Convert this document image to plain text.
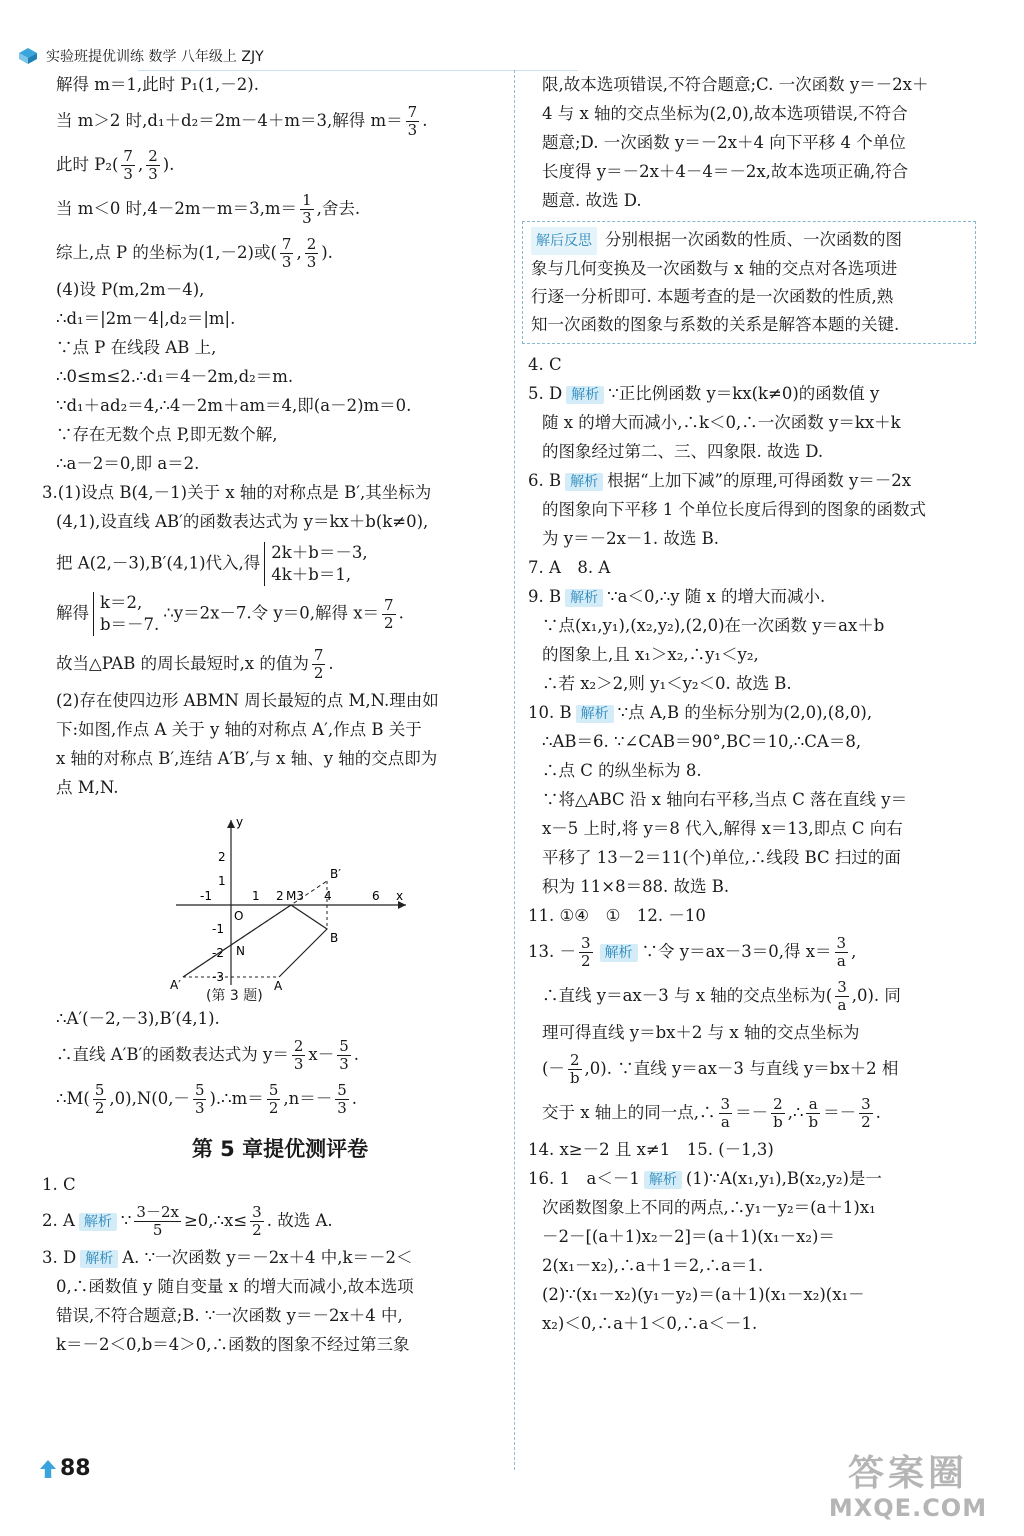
实验班提优训练 数学 八年级上 ZJY
解得 m＝1,此时 P₁(1,－2).
当 m＞2 时,d₁＋d₂＝2m－4＋m＝3,解得 $m= \frac{7}{3}$ .
此时 $P_2( \frac{7}{3}$ , $\frac{2}{3}$ ).
当 m＜0 时$,4-2m-m=3,m= \frac{1}{3}$ ,舍去.
综上,点 P 的坐标为(1,－2)或( $\frac{7}{3}$ , $\frac{2}{3}$ ).
(4)设 P(m,2m－4),
∴d₁＝|2m－4|,d₂＝|m|.
∵点 P 在线段 AB 上,
∴0≤m≤2.∴d₁＝4－2m,d₂＝m.
∵d₁＋ad₂＝4,∴4－2m＋am＝4,即(a－2)m＝0.
∵存在无数个点 P,即无数个解,
∴a－2＝0,即 a＝2.
3.(1)设点 B(4,－1)关于 x 轴的对称点是 B′,其坐标为
(4,1),设直线 AB′的函数表达式为 y＝kx＋b(k≠0),
把 A(2,－3),B′(4,1)代入,得
2k＋b＝－3,
4k＋b＝1,
解得
k＝2,
b＝－7.
∴y＝2x－7.令 y＝0,解得 $x= \frac{7}{2}$ .
故当△PAB 的周长最短时,x 的值为 $\frac{7}{2}$ .
(2)存在使四边形 ABMN 周长最短的点 M,N.理由如
下:如图,作点 A 关于 y 轴的对称点 A′,作点 B 关于
x 轴的对称点 B′,连结 A′B′,与 x 轴、y 轴的交点即为
点 M,N.
y
x
O
2
1
-1
-2
-3
-1	1 2 M3 4	6
B′
B
N
A′	A
(第 3 题)
∴A′(－2,－3),B′(4,1).
∴直线 A′B′的函数表达式为 $y= \frac{2}{3} x- \frac{5}{3}$ .
∴M( $\frac{5}{2} ,0),N(0,- \frac{5}{3}$ ).∴m＝ $\frac{5}{2} ,n=- \frac{5}{3}$ .
第 5 章提优测评卷
1. C
2. A 解析 ∵ $\frac{3-2x}{5}$ ≥0,∴x≤ $\frac{3}{2}$ . 故选 A.
3. D 解析 A. ∵一次函数 y＝－2x＋4 中,k＝－2＜
0,∴函数值 y 随自变量 x 的增大而减小,故本选项
错误,不符合题意;B. ∵一次函数 y＝－2x＋4 中,
k＝－2＜0,b＝4＞0,∴函数的图象不经过第三象
限,故本选项错误,不符合题意;C. 一次函数 y＝－2x＋
4 与 x 轴的交点坐标为(2,0),故本选项错误,不符合
题意;D. 一次函数 y＝－2x＋4 向下平移 4 个单位
长度得 y＝－2x＋4－4＝－2x,故本选项正确,符合
题意. 故选 D.
解后反思 分别根据一次函数的性质、一次函数的图
象与几何变换及一次函数与 x 轴的交点对各选项进
行逐一分析即可. 本题考查的是一次函数的性质,熟
知一次函数的图象与系数的关系是解答本题的关键.
4. C
5. D 解析 ∵正比例函数 y＝kx(k≠0)的函数值 y
随 x 的增大而减小,∴k＜0,∴一次函数 y＝kx＋k
的图象经过第二、三、四象限. 故选 D.
6. B 解析 根据“上加下减”的原理,可得函数 y＝－2x
的图象向下平移 1 个单位长度后得到的图象的函数式
为 y＝－2x－1. 故选 B.
7. A　8. A
9. B 解析 ∵a＜0,∴y 随 x 的增大而减小.
∵点(x₁,y₁),(x₂,y₂),(2,0)在一次函数 y＝ax＋b
的图象上,且 x₁＞x₂,∴y₁＜y₂,
∴若 x₂＞2,则 y₁＜y₂＜0. 故选 B.
10. B 解析 ∵点 A,B 的坐标分别为(2,0),(8,0),
∴AB＝6. ∵∠CAB＝90°,BC＝10,∴CA＝8,
∴点 C 的纵坐标为 8.
∵将△ABC 沿 x 轴向右平移,当点 C 落在直线 y＝
x－5 上时,将 y＝8 代入,解得 x＝13,即点 C 向右
平移了 13－2＝11(个)单位,∴线段 BC 扫过的面
积为 11×8＝88. 故选 B.
11. ①④　①　12. －10
13. － $\frac{3}{2}$ 解析 ∵令 y＝ax－3＝0,得 $x= \frac{3}{a}$ ,
∴直线 y＝ax－3 与 x 轴的交点坐标为( $\frac{3}{a} ,0$). 同
理可得直线 y＝bx＋2 与 x 轴的交点坐标为
(－ $\frac{2}{b} ,0$). ∵直线 y＝ax－3 与直线 y＝bx＋2 相
交于 x 轴上的同一点,∴ $\frac{3}{a} =- \frac{2}{b}$ ,∴ $\frac{a}{b} =- \frac{3}{2}$ .
14. x≥－2 且 x≠1　15. (－1,3)
16. 1　a＜－1 解析 (1)∵A(x₁,y₁),B(x₂,y₂)是一
次函数图象上不同的两点,∴y₁－y₂＝(a＋1)x₁
－2－[(a＋1)x₂－2]＝(a＋1)(x₁－x₂)＝
2(x₁－x₂),∴a＋1＝2,∴a＝1.
(2)∵(x₁－x₂)(y₁－y₂)＝(a＋1)(x₁－x₂)(x₁－
x₂)＜0,∴a＋1＜0,∴a＜－1.
88	答案圈
MXQE.COM
